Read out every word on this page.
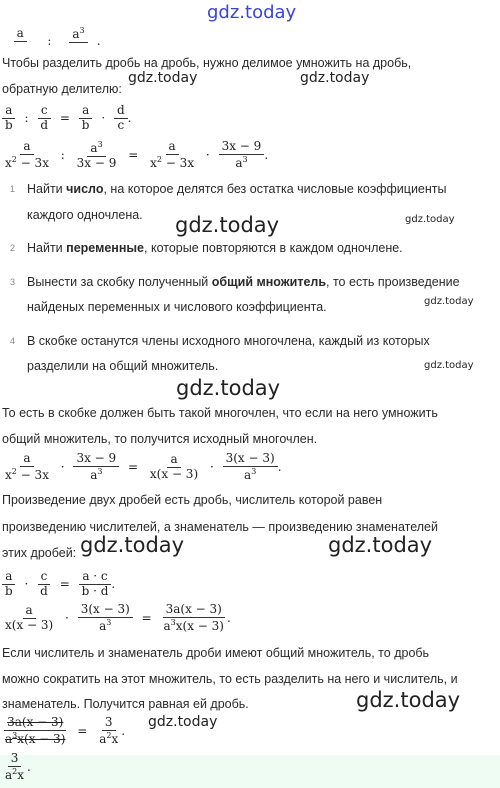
gdz.today
a

:
$a^3$

.
Чтобы разделить дробь на дробь, нужно делимое умножить на дробь,
gdz.today	gdz.today
обратную делителю:
$\frac{a}{b}$ : $\frac{c}{d} = \frac{a}{b} \cdot \frac{d}{c}$ .
$\frac{a}{x^2 - 3x}$ : $\frac{a^3}{3x - 9} = \frac{a}{x^2 - 3x} \cdot \frac{3x - 9}{a^3}$ .
1 Найти число, на которое делятся без остатка числовые коэффициенты
каждого одночлена. gdz.today	gdz.today
2 Найти переменные, которые повторяются в каждом одночлене.
3 Вынести за скобку полученный общий множитель, то есть произведение
найденых переменных и числового коэффициента.	gdz.today
4 В скобке останутся члены исходного многочлена, каждый из которых
разделили на общий множитель.	gdz.today
gdz.today
То есть в скобке должен быть такой многочлен, что если на него умножить
общий множитель, то получится исходный многочлен.
$\frac{a}{x^2 - 3x} \cdot \frac{3x - 9}{a^3} = \frac{a}{x(x - 3)} \cdot \frac{3(x - 3)}{a^3}$ .
Произведение двух дробей есть дробь, числитель которой равен
произведению числителей, а знаменатель — произведению знаменателей
этих дробей: gdz.today	gdz.today
$\frac{a}{b} \cdot \frac{c}{d} = \frac{a \cdot c}{b \cdot d}$ .
$\frac{a}{x(x - 3)} \cdot \frac{3(x - 3)}{a^3} = \frac{3a(x - 3)}{a^3x(x - 3)}$ .
Если числитель и знаменатель дроби имеют общий множитель, то дробь
можно сократить на этот множитель, то есть разделить на него и числитель, и
знаменатель. Получится равная ей дробь.	gdz.today
gdz.today
$\frac{3a(x - 3)}{a^3x(x - 3)} = \frac{3}{a^2x}$ .
$\frac{3}{a^2x}$ .
